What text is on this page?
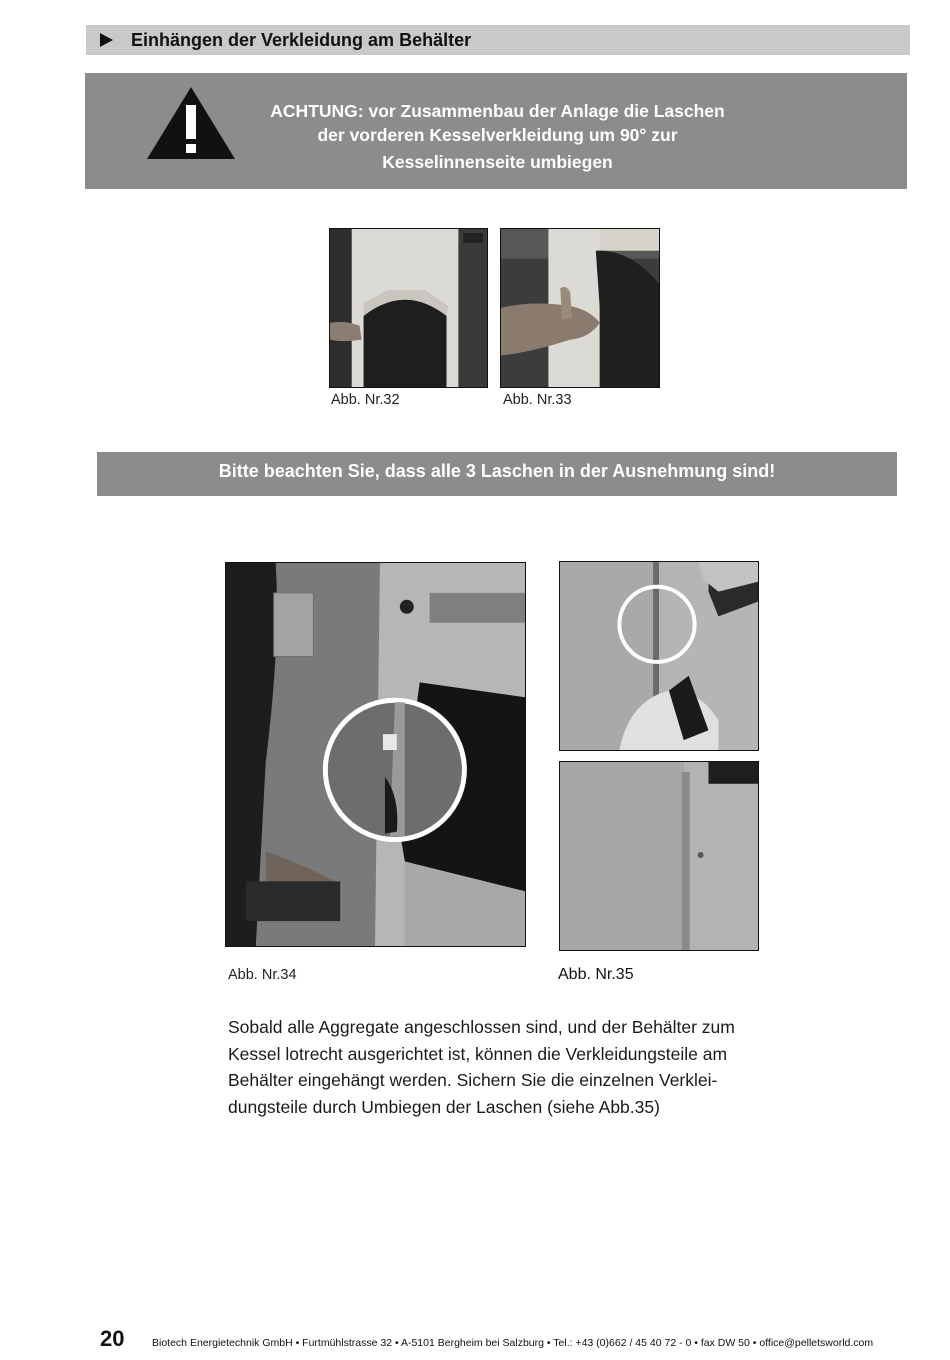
Einhängen der Verkleidung am Behälter
ACHTUNG: vor Zusammenbau der Anlage die Laschen
der vorderen Kesselverkleidung um 90° zur
Kesselinnenseite umbiegen
Abb. Nr.32	Abb. Nr.33
Bitte beachten Sie, dass alle 3 Laschen in der Ausnehmung sind!
Abb. Nr.34	Abb. Nr.35
Sobald alle Aggregate angeschlossen sind, und der Behälter zum
Kessel lotrecht ausgerichtet ist, können die Verkleidungsteile am
Behälter eingehängt werden. Sichern Sie die einzelnen Verklei-
dungsteile durch Umbiegen der Laschen (siehe Abb.35)
20	Biotech Energietechnik GmbH • Furtmühlstrasse 32 • A-5101 Bergheim bei Salzburg • Tel.: +43 (0)662 / 45 40 72 - 0 • fax DW 50 • office@pelletsworld.com
